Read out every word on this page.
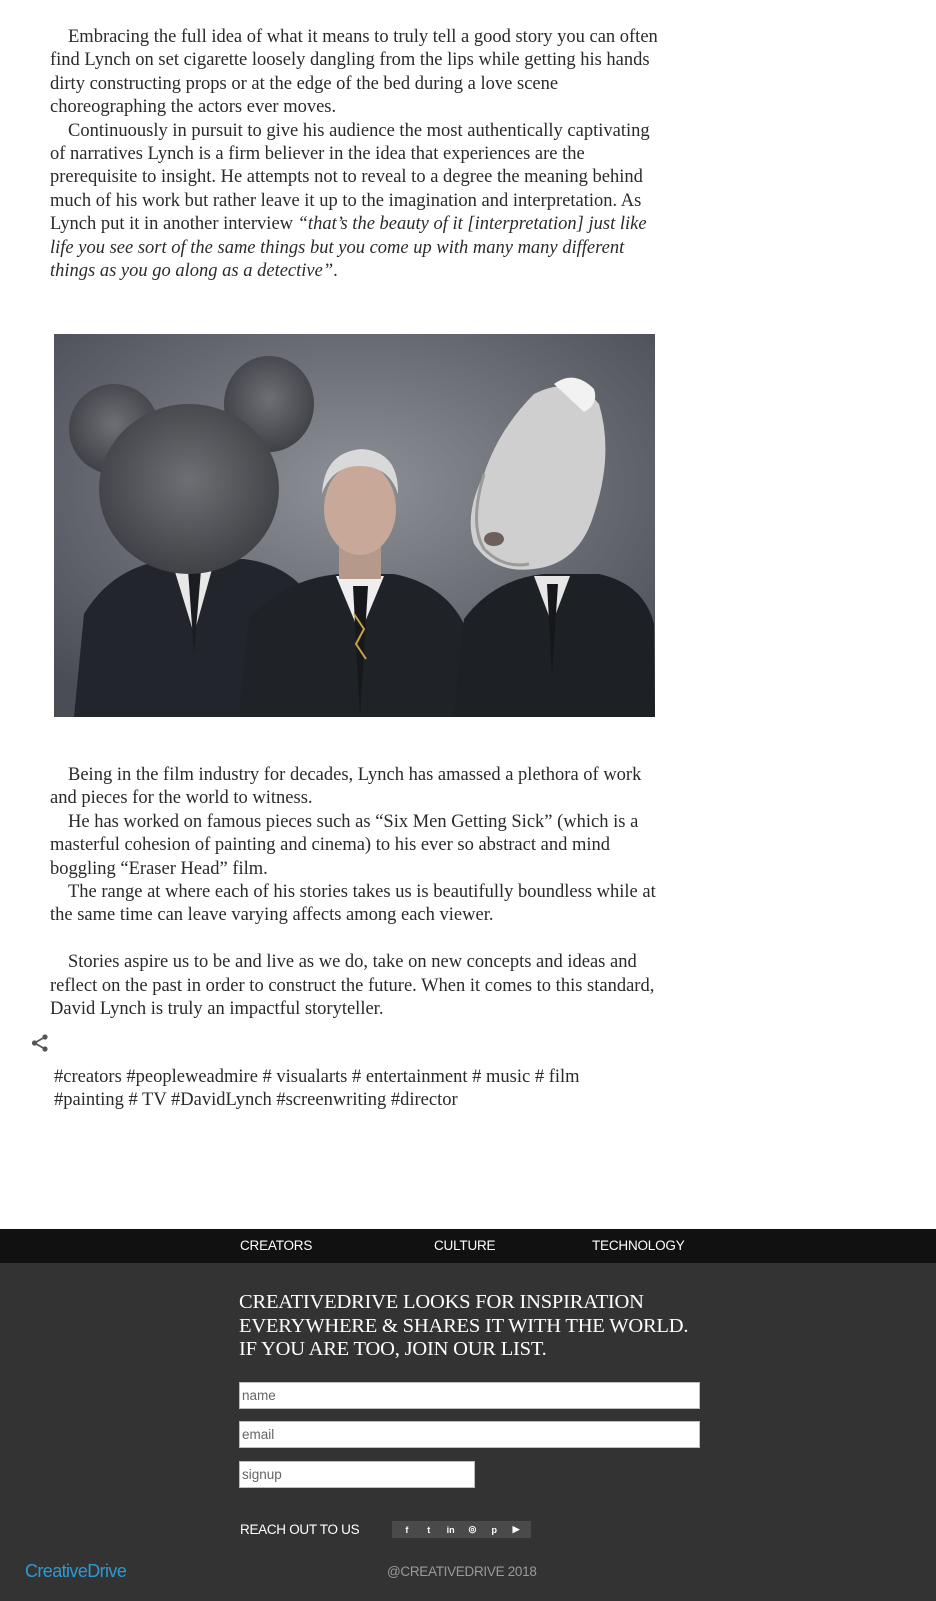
Embracing the full idea of what it means to truly tell a good story you can often find Lynch on set cigarette loosely dangling from the lips while getting his hands dirty constructing props or at the edge of the bed during a love scene choreographing the actors ever moves.

Continuously in pursuit to give his audience the most authentically captivating of narratives Lynch is a firm believer in the idea that experiences are the prerequisite to insight. He attempts not to reveal to a degree the meaning behind much of his work but rather leave it up to the imagination and interpretation. As Lynch put it in another interview “that’s the beauty of it [interpretation] just like life you see sort of the same things but you come up with many many different things as you go along as a detective”.

Being in the film industry for decades, Lynch has amassed a plethora of work and pieces for the world to witness.

He has worked on famous pieces such as “Six Men Getting Sick” (which is a masterful cohesion of painting and cinema) to his ever so abstract and mind boggling “Eraser Head” film.

The range at where each of his stories takes us is beautifully boundless while at the same time can leave varying affects among each viewer.

Stories aspire us to be and live as we do, take on new concepts and ideas and reflect on the past in order to construct the future. When it comes to this standard, David Lynch is truly an impactful storyteller.

#creators #peopleweadmire # visualarts # entertainment # music # film
#painting # TV #DavidLynch #screenwriting #director
CREATORS	CULTURE	TECHNOLOGY
CREATIVEDRIVE LOOKS FOR INSPIRATION
EVERYWHERE & SHARES IT WITH THE WORLD.
IF YOU ARE TOO, JOIN OUR LIST.
name
email
signup
REACH OUT TO US	f	t	in	◎	p	▶
CreativeDrive	@CREATIVEDRIVE 2018
